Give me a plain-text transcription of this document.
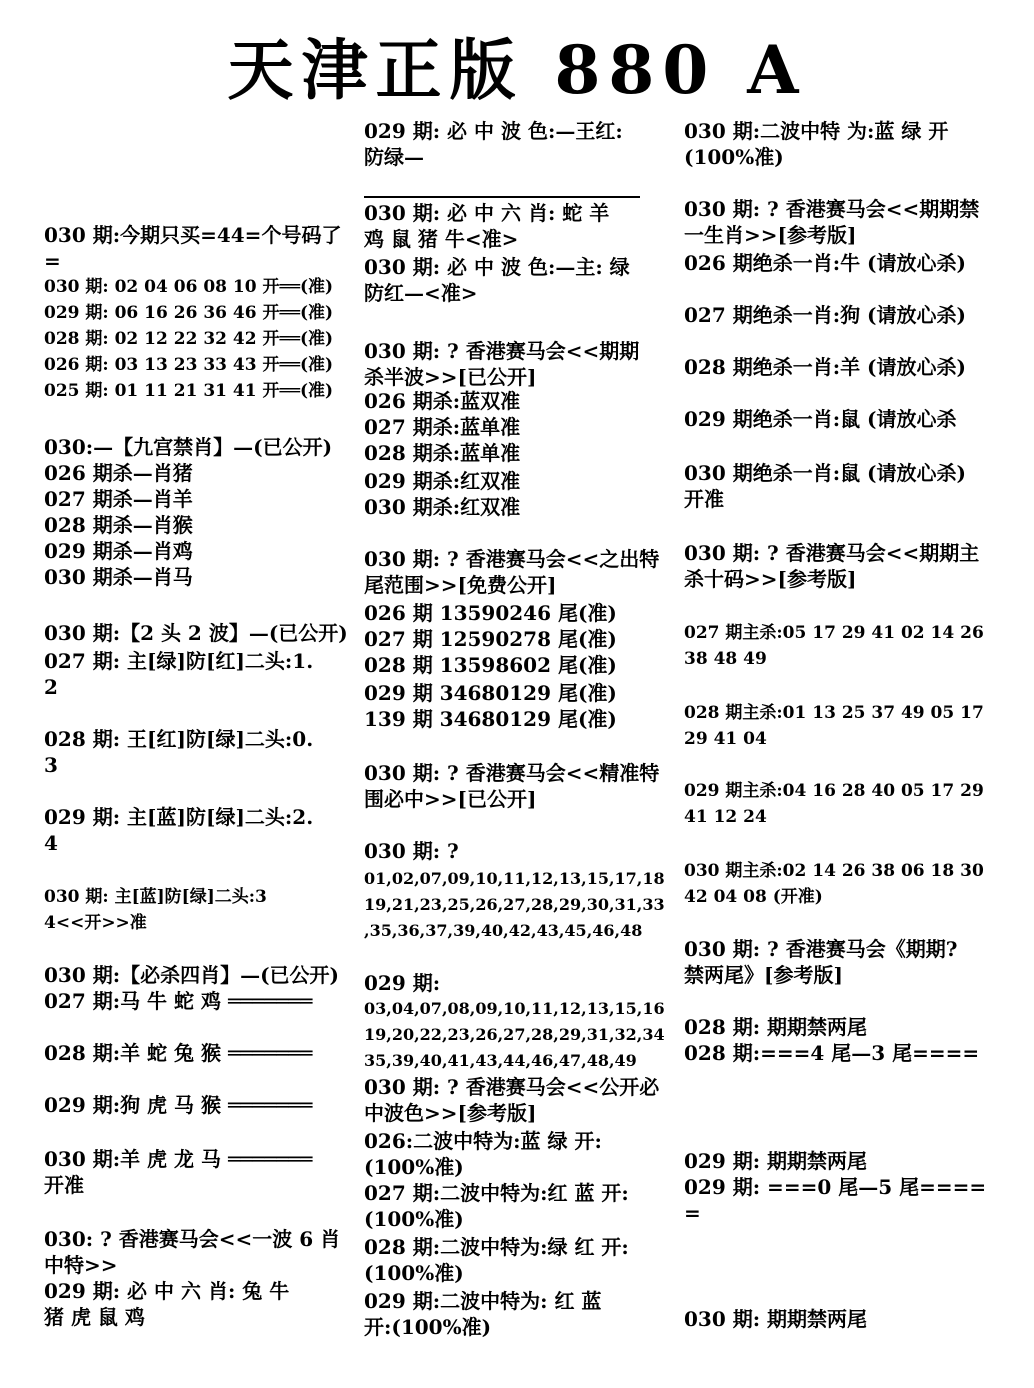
天津正版 880 A
030 期:今期只买=44=个号码了
=
030 期: 02 04 06 08 10 开══(准)
029 期: 06 16 26 36 46 开══(准)
028 期: 02 12 22 32 42 开══(准)
026 期: 03 13 23 33 43 开══(准)
025 期: 01 11 21 31 41 开══(准)
030:—【九宫禁肖】—(已公开)
026 期杀—肖猪
027 期杀—肖羊
028 期杀—肖猴
029 期杀—肖鸡
030 期杀—肖马
030 期:【2 头 2 波】—(已公开)
027 期: 主[绿]防[红]二头:1.
2
028 期: 王[红]防[绿]二头:0.
3
029 期: 主[蓝]防[绿]二头:2.
4
030 期: 主[蓝]防[绿]二头:3
4<<开>>准
030 期:【必杀四肖】—(已公开)
027 期:马 牛 蛇 鸡 ═══════
028 期:羊 蛇 兔 猴 ═══════
029 期:狗 虎 马 猴 ═══════
030 期:羊 虎 龙 马 ═══════
开准
030: ? 香港赛马会<<一波 6 肖
中特>>
029 期: 必 中 六 肖: 兔 牛
猪 虎 鼠 鸡
029 期: 必 中 波 色:—王红:
防绿—
030 期: 必 中 六 肖: 蛇 羊
鸡 鼠 猪 牛<准>
030 期: 必 中 波 色:—主: 绿
防红—<准>
030 期: ? 香港赛马会<<期期
杀半波>>[已公开]
026 期杀:蓝双准
027 期杀:蓝单准
028 期杀:蓝单准
029 期杀:红双准
030 期杀:红双准
030 期: ? 香港赛马会<<之出特
尾范围>>[免费公开]
026 期 13590246 尾(准)
027 期 12590278 尾(准)
028 期 13598602 尾(准)
029 期 34680129 尾(准)
139 期 34680129 尾(准)
030 期: ? 香港赛马会<<精准特
围必中>>[已公开]
030 期: ?
01,02,07,09,10,11,12,13,15,17,18
19,21,23,25,26,27,28,29,30,31,33
,35,36,37,39,40,42,43,45,46,48
029 期:
03,04,07,08,09,10,11,12,13,15,16
19,20,22,23,26,27,28,29,31,32,34
35,39,40,41,43,44,46,47,48,49
030 期: ? 香港赛马会<<公开必
中波色>>[参考版]
026:二波中特为:蓝 绿 开:
(100%准)
027 期:二波中特为:红 蓝 开:
(100%准)
028 期:二波中特为:绿 红 开:
(100%准)
029 期:二波中特为: 红 蓝
开:(100%准)
030 期:二波中特 为:蓝 绿 开
(100%准)
030 期: ? 香港赛马会<<期期禁
一生肖>>[参考版]
026 期绝杀一肖:牛 (请放心杀)
027 期绝杀一肖:狗 (请放心杀)
028 期绝杀一肖:羊 (请放心杀)
029 期绝杀一肖:鼠 (请放心杀
030 期绝杀一肖:鼠 (请放心杀)
开准
030 期: ? 香港赛马会<<期期主
杀十码>>[参考版]
027 期主杀:05 17 29 41 02 14 26
38 48 49
028 期主杀:01 13 25 37 49 05 17
29 41 04
029 期主杀:04 16 28 40 05 17 29
41 12 24
030 期主杀:02 14 26 38 06 18 30
42 04 08 (开准)
030 期: ? 香港赛马会《期期?
禁两尾》[参考版]
028 期: 期期禁两尾
028 期:===4 尾—3 尾====
029 期: 期期禁两尾
029 期: ===0 尾—5 尾====
=
030 期: 期期禁两尾
